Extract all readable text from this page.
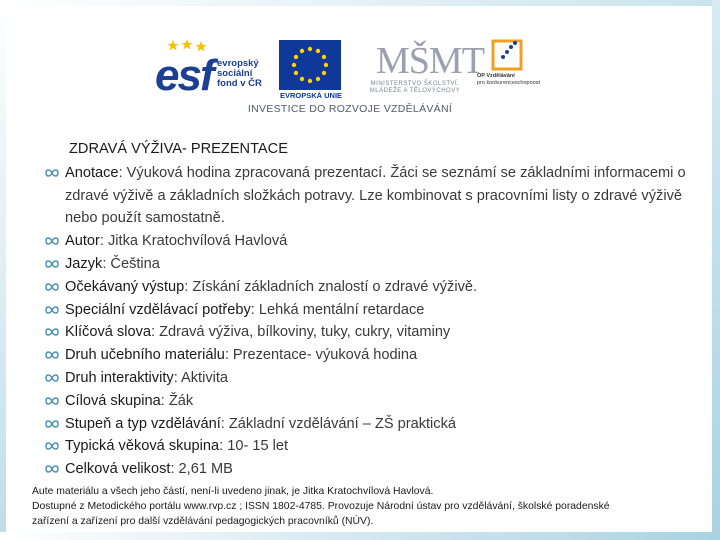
esf evropský
sociální
fond v ČR
EVROPSKÁ UNIE
MŠMT
MINISTERSTVO ŠKOLSTVÍ,
MLÁDEŽE A TĚLOVÝCHOVY
OP Vzdělávání
pro konkurenceschopnost
INVESTICE DO ROZVOJE VZDĚLÁVÁNÍ
ZDRAVÁ VÝŽIVA- PREZENTACE
Anotace: Výuková hodina zpracovaná prezentací. Žáci se seznámí se základními informacemi o zdravé výživě a základních složkách potravy. Lze kombinovat s pracovními listy o zdravé výživě nebo použít samostatně.
Autor: Jitka Kratochvílová Havlová
Jazyk: Čeština
Očekávaný výstup: Získání základních znalostí o zdravé výživě.
Speciální vzdělávací potřeby: Lehká mentální retardace
Klíčová slova: Zdravá výživa, bílkoviny, tuky, cukry, vitaminy
Druh učebního materiálu: Prezentace- výuková hodina
Druh interaktivity: Aktivita
Cílová skupina: Žák
Stupeň a typ vzdělávání: Základní vzdělávání – ZŠ praktická
Typická věková skupina: 10- 15 let
Celková velikost: 2,61 MB
Aute materiálu a všech jeho částí, není-li uvedeno jinak, je Jitka Kratochvílová Havlová.
Dostupné z Metodického portálu www.rvp.cz ; ISSN 1802-4785. Provozuje Národní ústav pro vzdělávání, školské poradenské
zařízení a zařízení pro další vzdělávání pedagogických pracovníků (NÚV).
